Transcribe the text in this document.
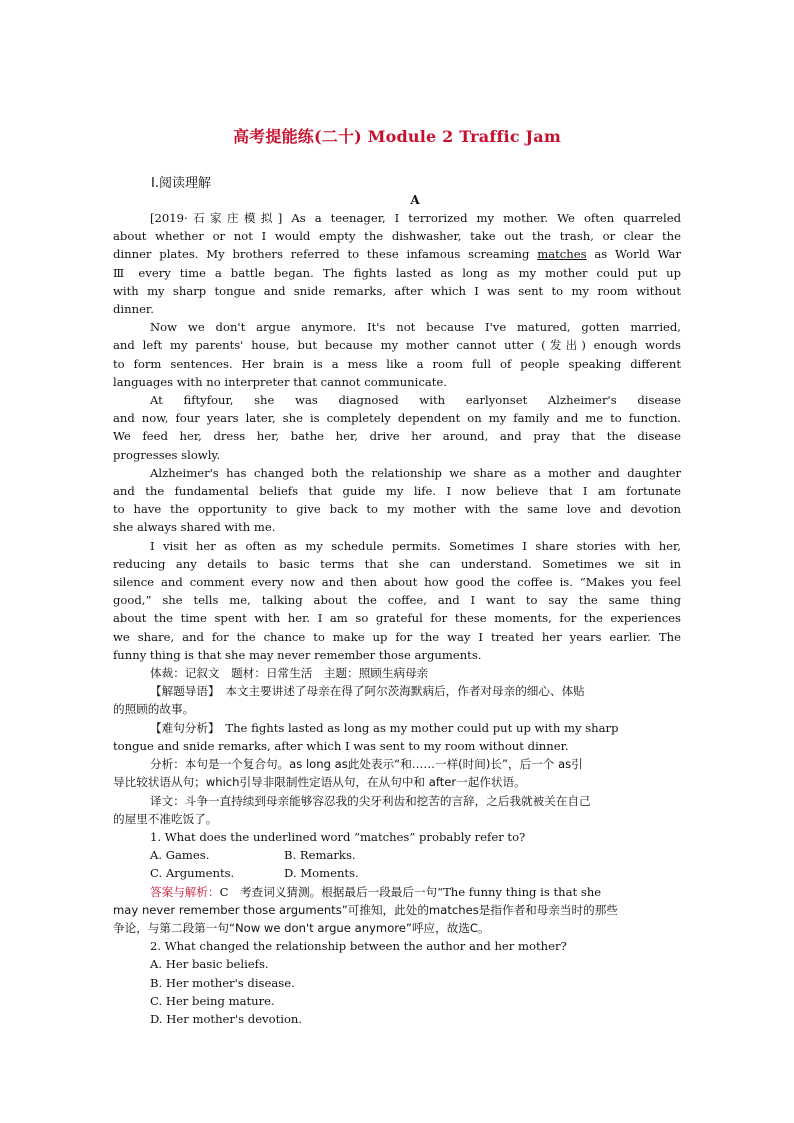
高考提能练(二十) Module 2 Traffic Jam
Ⅰ.阅读理解
A
[2019·石家庄模拟] As a teenager, I terrorized my mother. We often quarreled
about whether or not I would empty the dishwasher, take out the trash, or clear the
dinner plates. My brothers referred to these infamous screaming matches as World War
Ⅲ every time a battle began. The fights lasted as long as my mother could put up
with my sharp tongue and snide remarks, after which I was sent to my room without
dinner.
Now we don't argue anymore. It's not because I've matured, gotten married,
and left my parents' house, but because my mother cannot utter (发出) enough words
to form sentences. Her brain is a mess like a room full of people speaking different
languages with no interpreter that cannot communicate.
At fiftyfour, she was diagnosed with earlyonset Alzheimer's disease
and now, four years later, she is completely dependent on my family and me to function.
We feed her, dress her, bathe her, drive her around, and pray that the disease
progresses slowly.
Alzheimer's has changed both the relationship we share as a mother and daughter
and the fundamental beliefs that guide my life. I now believe that I am fortunate
to have the opportunity to give back to my mother with the same love and devotion
she always shared with me.
I visit her as often as my schedule permits. Sometimes I share stories with her,
reducing any details to basic terms that she can understand. Sometimes we sit in
silence and comment every now and then about how good the coffee is. “Makes you feel
good,” she tells me, talking about the coffee, and I want to say the same thing
about the time spent with her. I am so grateful for these moments, for the experiences
we share, and for the chance to make up for the way I treated her years earlier. The
funny thing is that she may never remember those arguments.
体裁：记叙文　题材：日常生活　主题：照顾生病母亲
【解题导语】　本文主要讲述了母亲在得了阿尔茨海默病后，作者对母亲的细心、体贴
的照顾的故事。
【难句分析】　The fights lasted as long as my mother could put up with my sharp
tongue and snide remarks, after which I was sent to my room without dinner.
分析：本句是一个复合句。as long as此处表示“和……一样(时间)长”，后一个 as引
导比较状语从句；which引导非限制性定语从句，在从句中和 after一起作状语。
译文：斗争一直持续到母亲能够容忍我的尖牙利齿和挖苦的言辞，之后我就被关在自己
的屋里不准吃饭了。
1. What does the underlined word “matches” probably refer to?
A. Games.	B. Remarks.
C. Arguments.	D. Moments.
答案与解析：C　考查词义猜测。根据最后一段最后一句“The funny thing is that she
may never remember those arguments”可推知，此处的matches是指作者和母亲当时的那些
争论，与第二段第一句“Now we don't argue anymore”呼应，故选C。
2. What changed the relationship between the author and her mother?
A. Her basic beliefs.
B. Her mother's disease.
C. Her being mature.
D. Her mother's devotion.
